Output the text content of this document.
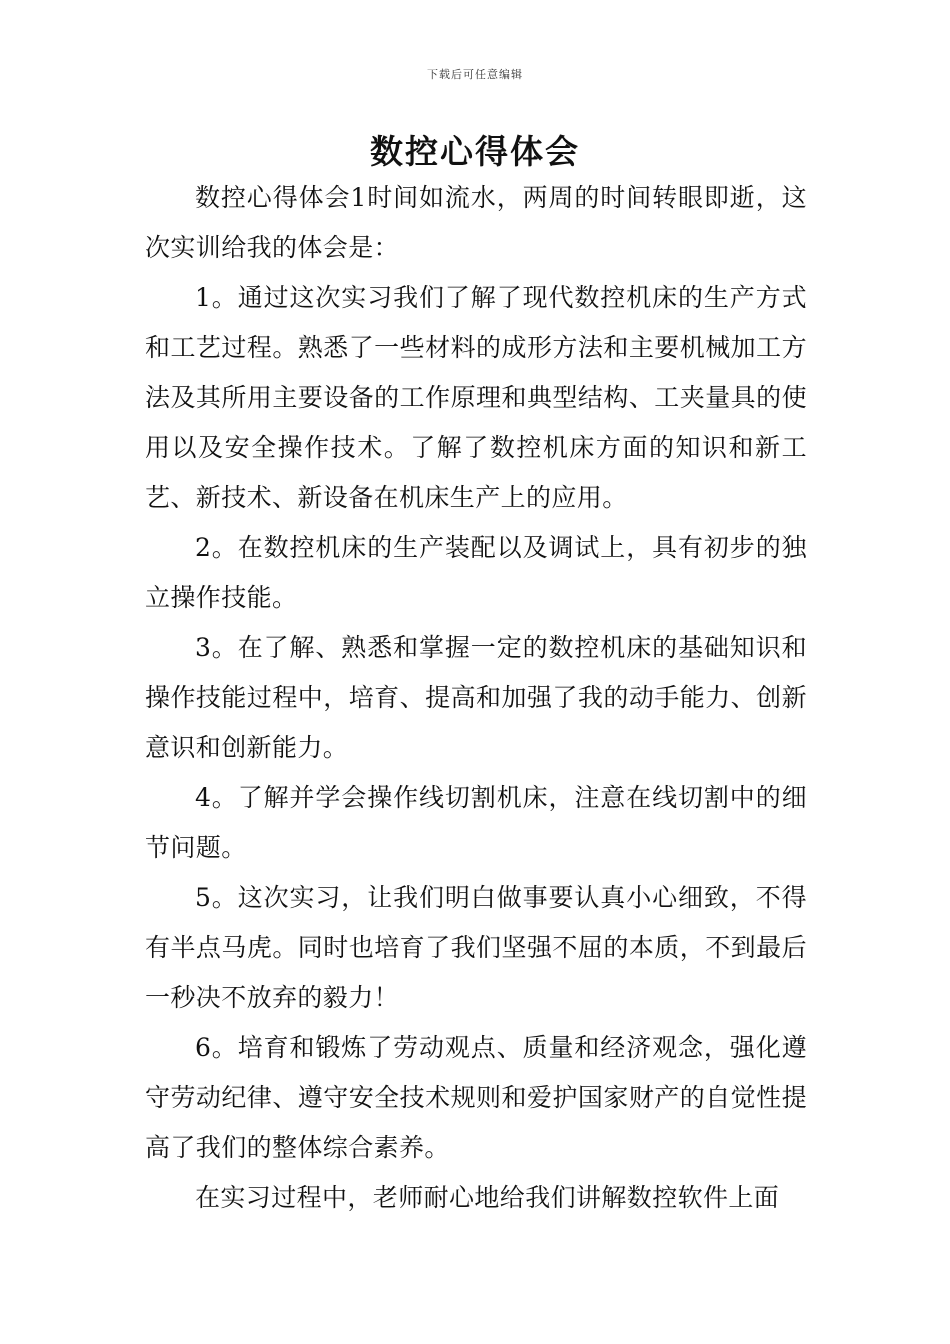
下载后可任意编辑
数控心得体会

数控心得体会1时间如流水，两周的时间转眼即逝，这次实训给我的体会是：

1。通过这次实习我们了解了现代数控机床的生产方式和工艺过程。熟悉了一些材料的成形方法和主要机械加工方法及其所用主要设备的工作原理和典型结构、工夹量具的使用以及安全操作技术。了解了数控机床方面的知识和新工艺、新技术、新设备在机床生产上的应用。

2。在数控机床的生产装配以及调试上，具有初步的独立操作技能。

3。在了解、熟悉和掌握一定的数控机床的基础知识和操作技能过程中，培育、提高和加强了我的动手能力、创新意识和创新能力。

4。了解并学会操作线切割机床，注意在线切割中的细节问题。

5。这次实习，让我们明白做事要认真小心细致，不得有半点马虎。同时也培育了我们坚强不屈的本质，不到最后一秒决不放弃的毅力！

6。培育和锻炼了劳动观点、质量和经济观念，强化遵守劳动纪律、遵守安全技术规则和爱护国家财产的自觉性提高了我们的整体综合素养。

在实习过程中，老师耐心地给我们讲解数控软件上面
